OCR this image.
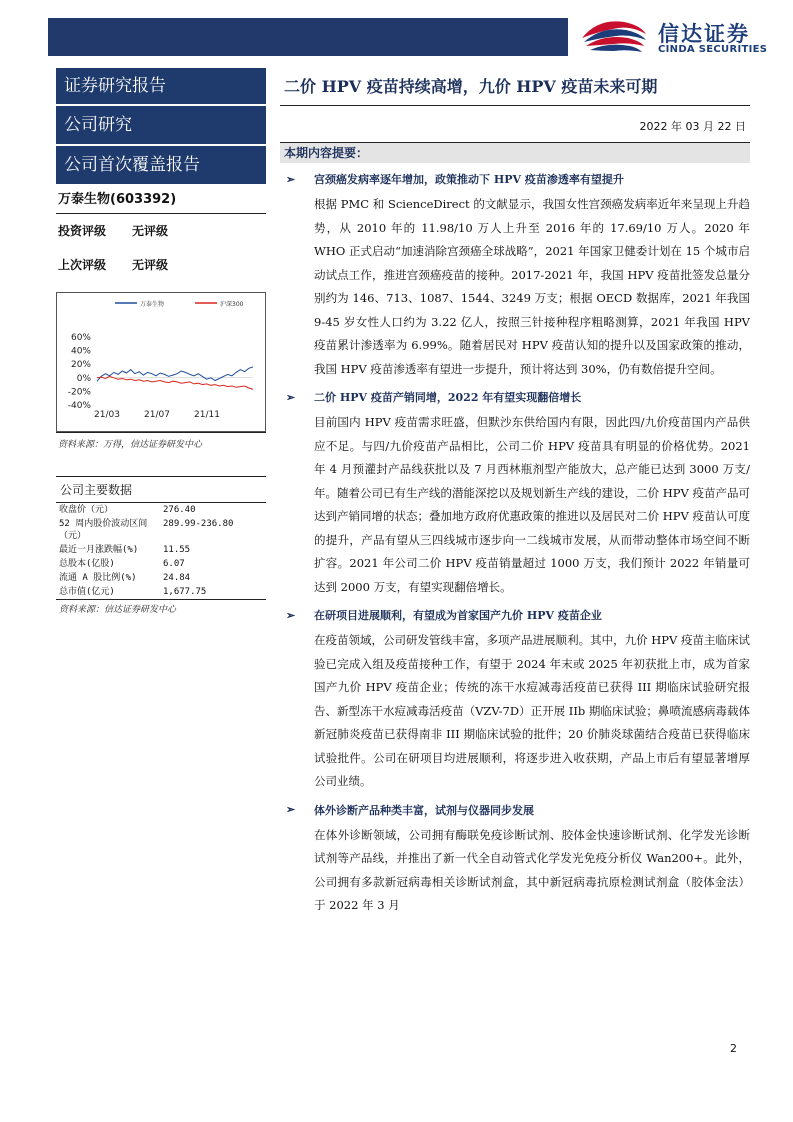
信达证券
CINDA SECURITIES
证券研究报告
公司研究
公司首次覆盖报告
万泰生物(603392)
投资评级	无评级
上次评级	无评级
60%
40%
20%
0%
-20%
-40%
21/03	21/07	21/11
万泰生物	沪深300
资料来源：万得，信达证券研发中心
公司主要数据
收盘价（元）	276.40
52 周内股价波动区间（元）	289.99-236.80
最近一月涨跌幅(%)	11.55
总股本(亿股)	6.07
流通 A 股比例(%)	24.84
总市值(亿元)	1,677.75
资料来源：信达证券研发中心
二价 HPV 疫苗持续高增，九价 HPV 疫苗未来可期
2022 年 03 月 22 日
本期内容提要：
➢	宫颈癌发病率逐年增加，政策推动下 HPV 疫苗渗透率有望提升
根据 PMC 和 ScienceDirect 的文献显示，我国女性宫颈癌发病率近年来呈现上升趋势，从 2010 年的 11.98/10 万人上升至 2016 年的 17.69/10 万人。2020 年 WHO 正式启动“加速消除宫颈癌全球战略”，2021 年国家卫健委计划在 15 个城市启动试点工作，推进宫颈癌疫苗的接种。2017-2021 年，我国 HPV 疫苗批签发总量分别约为 146、713、1087、1544、3249 万支；根据 OECD 数据库，2021 年我国 9-45 岁女性人口约为 3.22 亿人，按照三针接种程序粗略测算，2021 年我国 HPV 疫苗累计渗透率为 6.99%。随着居民对 HPV 疫苗认知的提升以及国家政策的推动，我国 HPV 疫苗渗透率有望进一步提升，预计将达到 30%，仍有数倍提升空间。
➢	二价 HPV 疫苗产销同增，2022 年有望实现翻倍增长
目前国内 HPV 疫苗需求旺盛，但默沙东供给国内有限，因此四/九价疫苗国内产品供应不足。与四/九价疫苗产品相比，公司二价 HPV 疫苗具有明显的价格优势。2021 年 4 月预灌封产品线获批以及 7 月西林瓶剂型产能放大，总产能已达到 3000 万支/年。随着公司已有生产线的潜能深挖以及规划新生产线的建设，二价 HPV 疫苗产品可达到产销同增的状态；叠加地方政府优惠政策的推进以及居民对二价 HPV 疫苗认可度的提升，产品有望从三四线城市逐步向一二线城市发展，从而带动整体市场空间不断扩容。2021 年公司二价 HPV 疫苗销量超过 1000 万支，我们预计 2022 年销量可达到 2000 万支，有望实现翻倍增长。
➢	在研项目进展顺利，有望成为首家国产九价 HPV 疫苗企业
在疫苗领域，公司研发管线丰富，多项产品进展顺利。其中，九价 HPV 疫苗主临床试验已完成入组及疫苗接种工作，有望于 2024 年末或 2025 年初获批上市，成为首家国产九价 HPV 疫苗企业；传统的冻干水痘减毒活疫苗已获得 III 期临床试验研究报告、新型冻干水痘减毒活疫苗（VZV-7D）正开展 IIb 期临床试验；鼻喷流感病毒载体新冠肺炎疫苗已获得南非 III 期临床试验的批件；20 价肺炎球菌结合疫苗已获得临床试验批件。公司在研项目均进展顺利，将逐步进入收获期，产品上市后有望显著增厚公司业绩。
➢	体外诊断产品种类丰富，试剂与仪器同步发展
在体外诊断领域，公司拥有酶联免疫诊断试剂、胶体金快速诊断试剂、化学发光诊断试剂等产品线，并推出了新一代全自动管式化学发光免疫分析仪 Wan200+。此外，公司拥有多款新冠病毒相关诊断试剂盒，其中新冠病毒抗原检测试剂盒（胶体金法）于 2022 年 3 月
2
